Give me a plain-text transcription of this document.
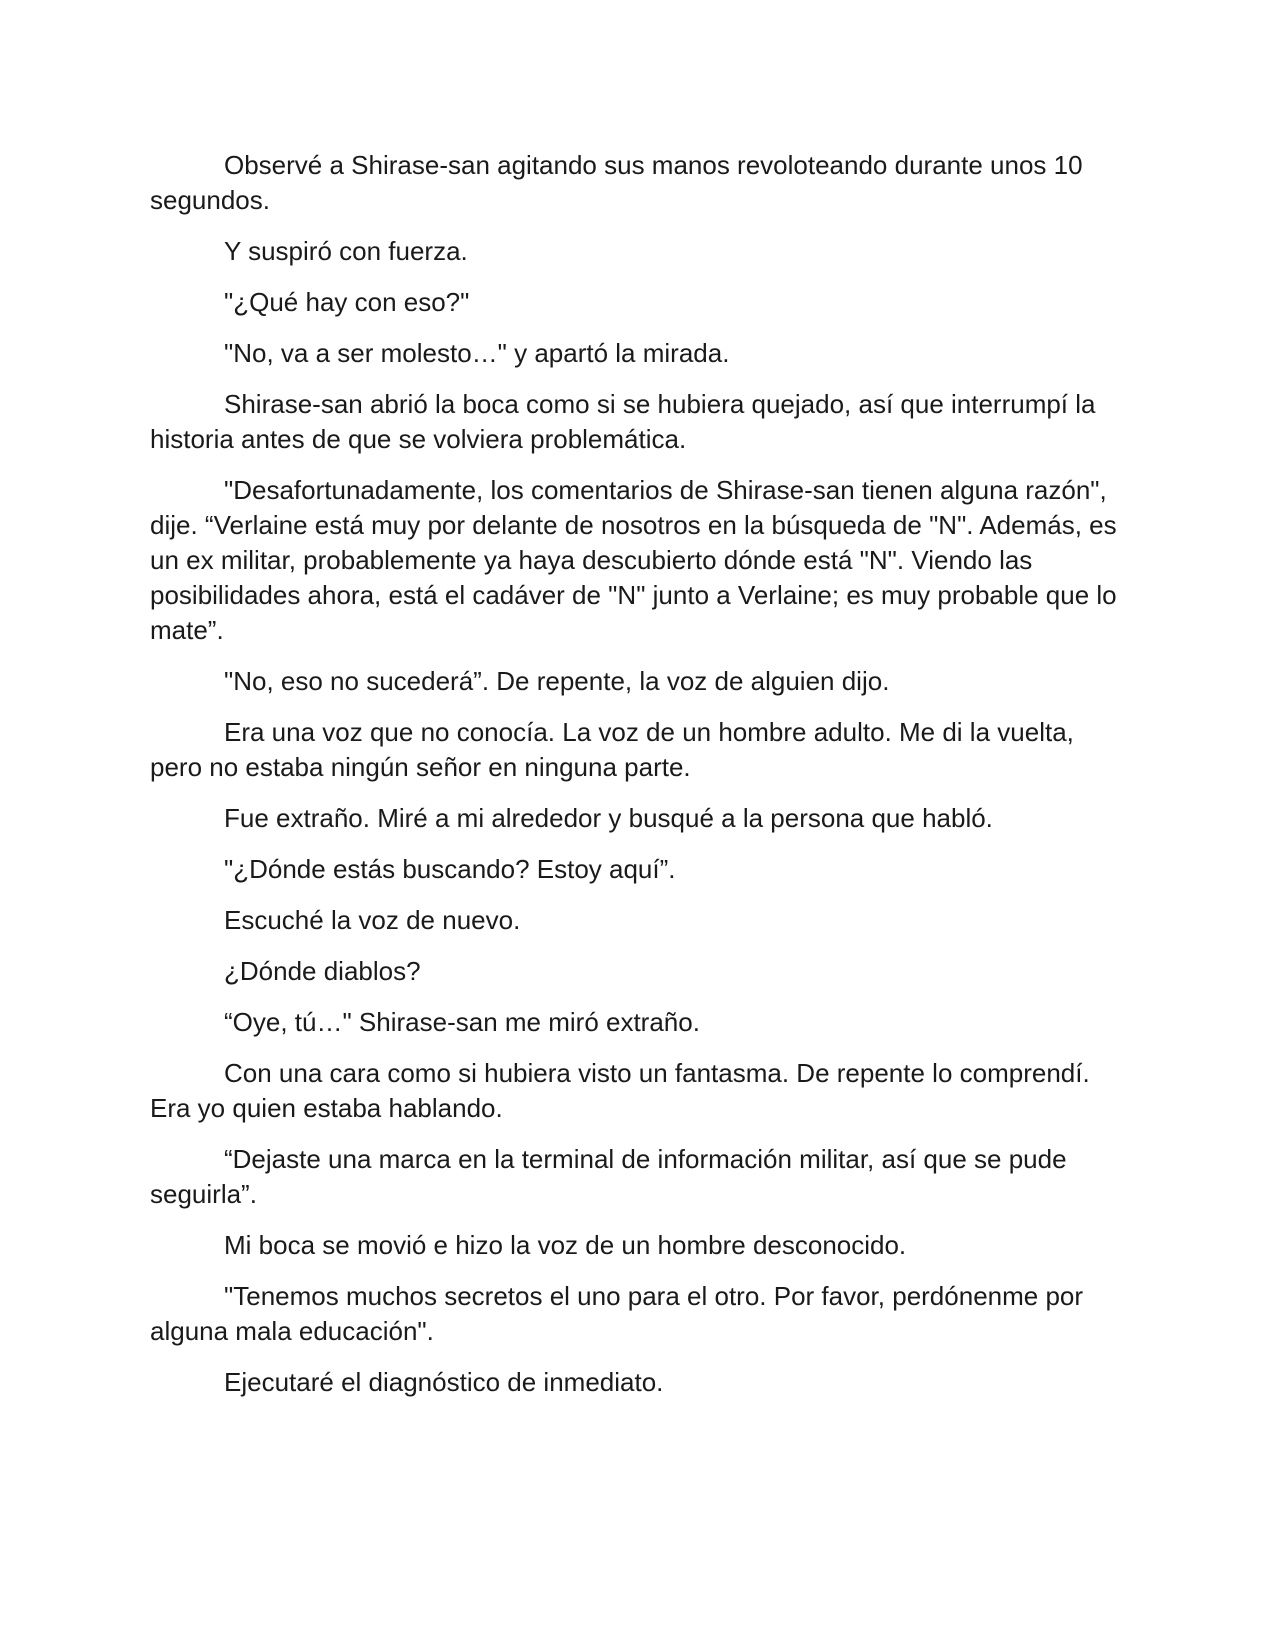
Observé a Shirase-san agitando sus manos revoloteando durante unos 10 segundos.

Y suspiró con fuerza.

"¿Qué hay con eso?"

"No, va a ser molesto…" y apartó la mirada.

Shirase-san abrió la boca como si se hubiera quejado, así que interrumpí la historia antes de que se volviera problemática.

"Desafortunadamente, los comentarios de Shirase-san tienen alguna razón", dije. “Verlaine está muy por delante de nosotros en la búsqueda de "N". Además, es un ex militar, probablemente ya haya descubierto dónde está "N". Viendo las posibilidades ahora, está el cadáver de "N" junto a Verlaine; es muy probable que lo mate”.

"No, eso no sucederá”. De repente, la voz de alguien dijo.

Era una voz que no conocía. La voz de un hombre adulto. Me di la vuelta, pero no estaba ningún señor en ninguna parte.

Fue extraño. Miré a mi alrededor y busqué a la persona que habló.

"¿Dónde estás buscando? Estoy aquí”.

Escuché la voz de nuevo.

¿Dónde diablos?

“Oye, tú…" Shirase-san me miró extraño.

Con una cara como si hubiera visto un fantasma. De repente lo comprendí. Era yo quien estaba hablando.

“Dejaste una marca en la terminal de información militar, así que se pude seguirla”.

Mi boca se movió e hizo la voz de un hombre desconocido.

"Tenemos muchos secretos el uno para el otro. Por favor, perdónenme por alguna mala educación".

Ejecutaré el diagnóstico de inmediato.
